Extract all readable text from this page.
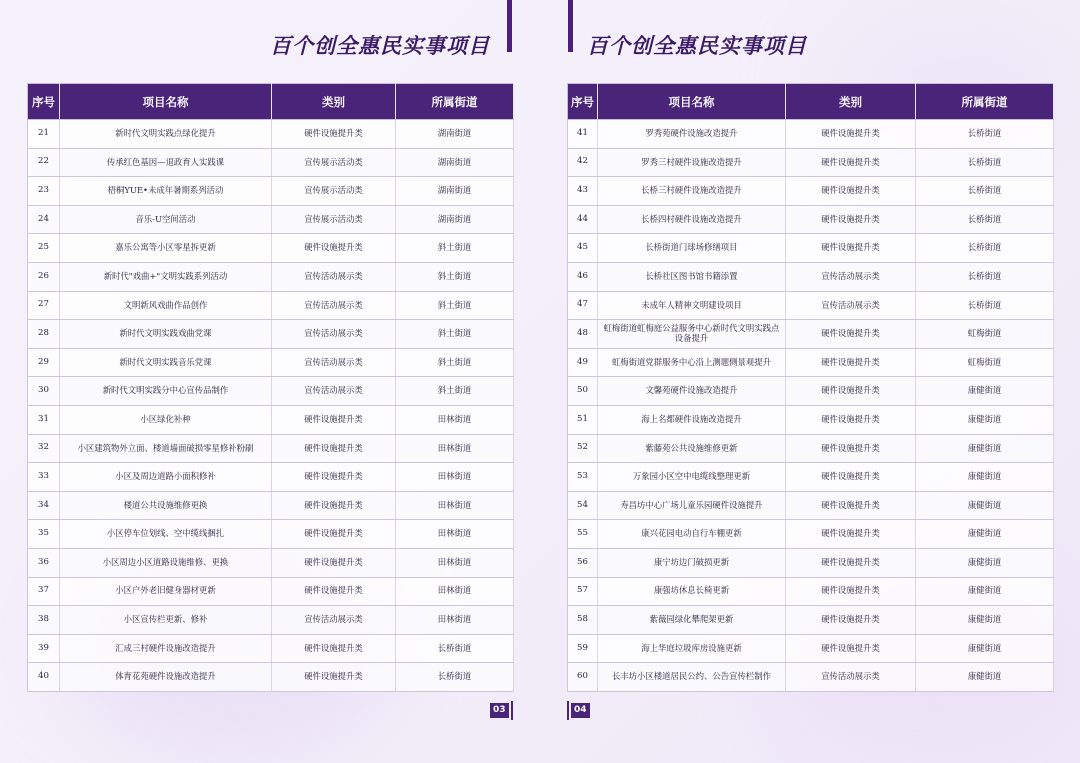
百个创全惠民实事项目
序号	项目名称	类别	所属街道
21	新时代文明实践点绿化提升	硬件设施提升类	湖南街道
22	传承红色基因—退政育人实践课	宣传展示活动类	湖南街道
23	梧桐YUE•未成年暑期系列活动	宣传展示活动类	湖南街道
24	音乐-U空间活动	宣传展示活动类	湖南街道
25	嘉乐公寓等小区零星拆更新	硬件设施提升类	斜土街道
26	新时代"戏曲+"文明实践系列活动	宣传活动展示类	斜土街道
27	文明新风戏曲作品创作	宣传活动展示类	斜土街道
28	新时代文明实践戏曲党课	宣传活动展示类	斜土街道
29	新时代文明实践音乐党课	宣传活动展示类	斜土街道
30	新时代文明实践分中心宣传品制作	宣传活动展示类	斜土街道
31	小区绿化补种	硬件设施提升类	田林街道
32	小区建筑物外立面、楼道墙面破损零星修补粉刷	硬件设施提升类	田林街道
33	小区及周边道路小面积修补	硬件设施提升类	田林街道
34	楼道公共设施维修更换	硬件设施提升类	田林街道
35	小区停车位划线、空中缆线捆扎	硬件设施提升类	田林街道
36	小区周边小区道路设施维修、更换	硬件设施提升类	田林街道
37	小区户外老旧健身器材更新	硬件设施提升类	田林街道
38	小区宣传栏更新、修补	宣传活动展示类	田林街道
39	汇成三村硬件设施改造提升	硬件设施提升类	长桥街道
40	体育花苑硬件设施改造提升	硬件设施提升类	长桥街道
03
百个创全惠民实事项目
序号	项目名称	类别	所属街道
41	罗秀苑硬件设施改造提升	硬件设施提升类	长桥街道
42	罗秀三村硬件设施改造提升	硬件设施提升类	长桥街道
43	长桥三村硬件设施改造提升	硬件设施提升类	长桥街道
44	长桥四村硬件设施改造提升	硬件设施提升类	长桥街道
45	长桥街道门球场修缮项目	硬件设施提升类	长桥街道
46	长桥社区图书馆书籍添置	宣传活动展示类	长桥街道
47	未成年人精神文明建设项目	宣传活动展示类	长桥街道
48	虹梅街道虹梅庭公益服务中心新时代文明实践点设备提升	硬件设施提升类	虹梅街道
49	虹梅街道党群服务中心沿上测题侧景观提升	硬件设施提升类	虹梅街道
50	文馨苑硬件设施改造提升	硬件设施提升类	康健街道
51	海上名都硬件设施改造提升	硬件设施提升类	康健街道
52	紫藤苑公共设施维修更新	硬件设施提升类	康健街道
53	万象园小区空中电缆线整理更新	硬件设施提升类	康健街道
54	寿昌坊中心广场儿童乐园硬件设施提升	硬件设施提升类	康健街道
55	康兴花园电动自行车棚更新	硬件设施提升类	康健街道
56	康宁坊边门破损更新	硬件设施提升类	康健街道
57	康强坊休息长椅更新	硬件设施提升类	康健街道
58	紫薇园绿化攀爬架更新	硬件设施提升类	康健街道
59	海上华庭垃圾库房设施更新	硬件设施提升类	康健街道
60	长丰坊小区楼道居民公约、公告宣传栏制作	宣传活动展示类	康健街道
04
